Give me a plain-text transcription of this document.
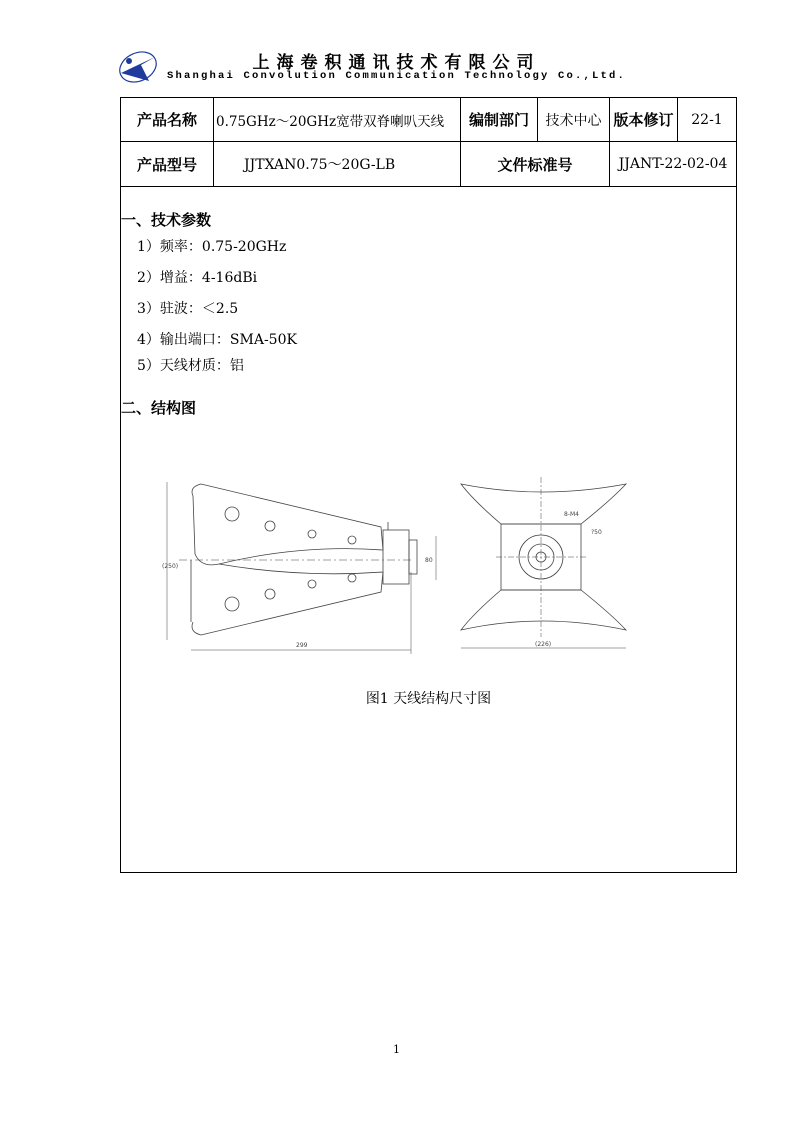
上海卷积通讯技术有限公司
Shanghai Convolution Communication Technology Co.,Ltd.
产品名称	0.75GHz～20GHz宽带双脊喇叭天线	编制部门	技术中心 版本修订	22-1
产品型号	JJTXAN0.75～20G-LB	文件标准号	JJANT-22-02-04
一、技术参数
1）频率：0.75-20GHz
2）增益：4-16dBi
3）驻波：＜2.5
4）输出端口：SMA-50K
5）天线材质：铝
二、结构图
(250)
299
80
8-M4
?50
(226)
图1 天线结构尺寸图
1
